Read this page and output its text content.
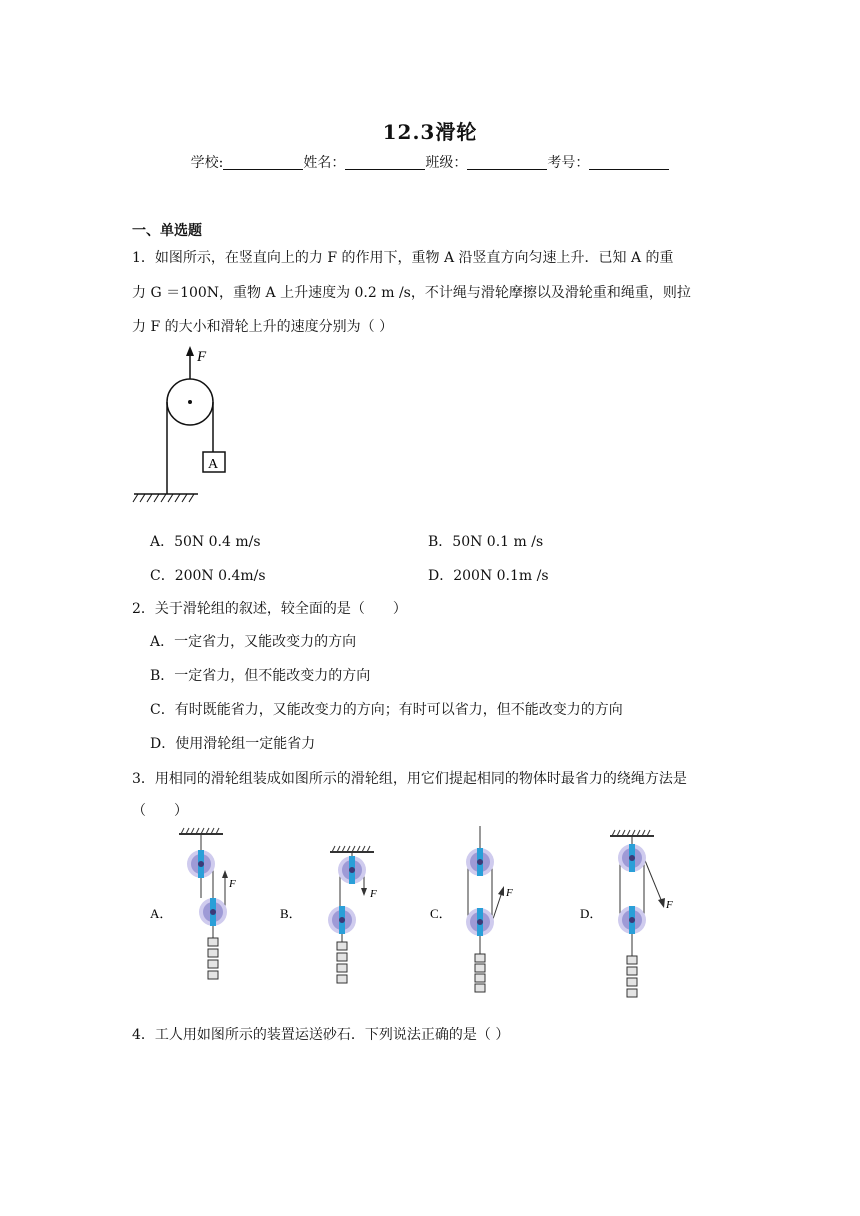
12.3滑轮
学校:	姓名：	班级：	考号：
一、单选题
1．如图所示，在竖直向上的力 F 的作用下，重物 A 沿竖直方向匀速上升．已知 A 的重
力 G ＝100N，重物 A 上升速度为 0.2 m /s，不计绳与滑轮摩擦以及滑轮重和绳重，则拉
力 F 的大小和滑轮上升的速度分别为（ ）
F
A
A．50N 0.4 m/s	B．50N 0.1 m /s
C．200N 0.4m/s	D．200N 0.1m /s
2．关于滑轮组的叙述，较全面的是（　　）
A．一定省力，又能改变力的方向
B．一定省力，但不能改变力的方向
C．有时既能省力，又能改变力的方向；有时可以省力，但不能改变力的方向
D．使用滑轮组一定能省力
3．用相同的滑轮组装成如图所示的滑轮组，用它们提起相同的物体时最省力的绕绳方法是
（　　）
F
A．
F
B．
F
C．
F
D．
4．工人用如图所示的装置运送砂石．下列说法正确的是（ ）
